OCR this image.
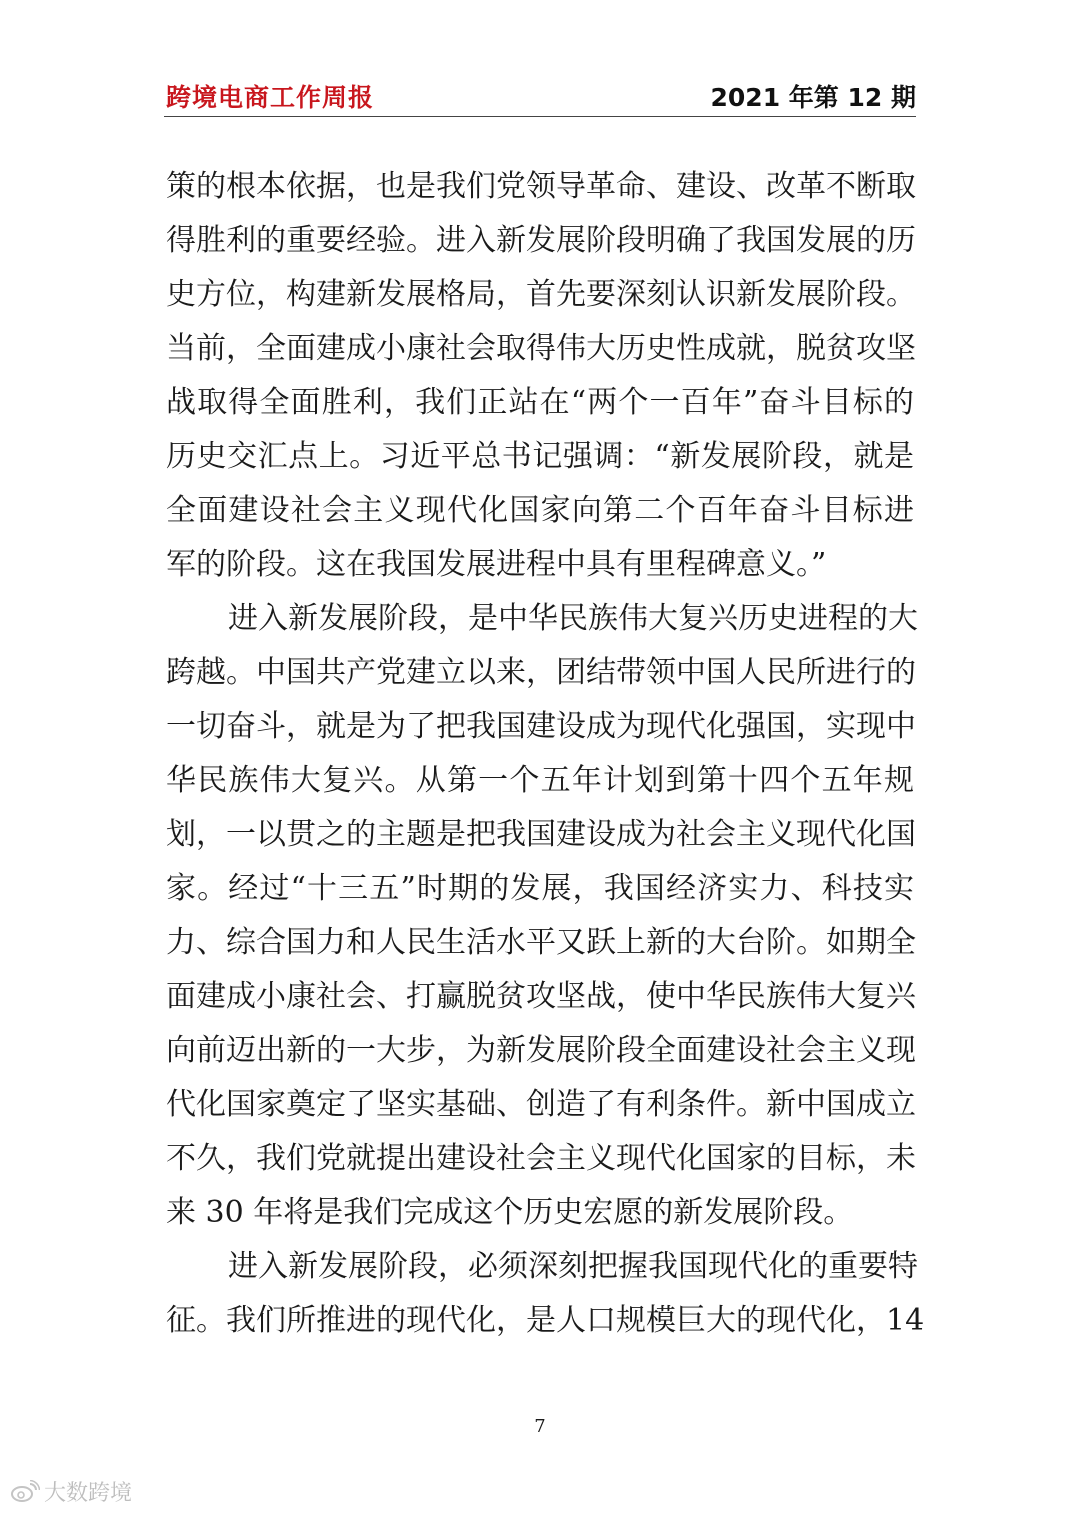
跨境电商工作周报	2021 年第 12 期
策的根本依据，也是我们党领导革命、建设、改革不断取
得胜利的重要经验。进入新发展阶段明确了我国发展的历
史方位，构建新发展格局，首先要深刻认识新发展阶段。
当前，全面建成小康社会取得伟大历史性成就，脱贫攻坚
战取得全面胜利，我们正站在“两个一百年”奋斗目标的
历史交汇点上。习近平总书记强调：“新发展阶段，就是
全面建设社会主义现代化国家向第二个百年奋斗目标进
军的阶段。这在我国发展进程中具有里程碑意义。”
进入新发展阶段，是中华民族伟大复兴历史进程的大
跨越。中国共产党建立以来，团结带领中国人民所进行的
一切奋斗，就是为了把我国建设成为现代化强国，实现中
华民族伟大复兴。从第一个五年计划到第十四个五年规
划，一以贯之的主题是把我国建设成为社会主义现代化国
家。经过“十三五”时期的发展，我国经济实力、科技实
力、综合国力和人民生活水平又跃上新的大台阶。如期全
面建成小康社会、打赢脱贫攻坚战，使中华民族伟大复兴
向前迈出新的一大步，为新发展阶段全面建设社会主义现
代化国家奠定了坚实基础、创造了有利条件。新中国成立
不久，我们党就提出建设社会主义现代化国家的目标，未
来 30 年将是我们完成这个历史宏愿的新发展阶段。
进入新发展阶段，必须深刻把握我国现代化的重要特
征。我们所推进的现代化，是人口规模巨大的现代化，14
7
大数跨境
